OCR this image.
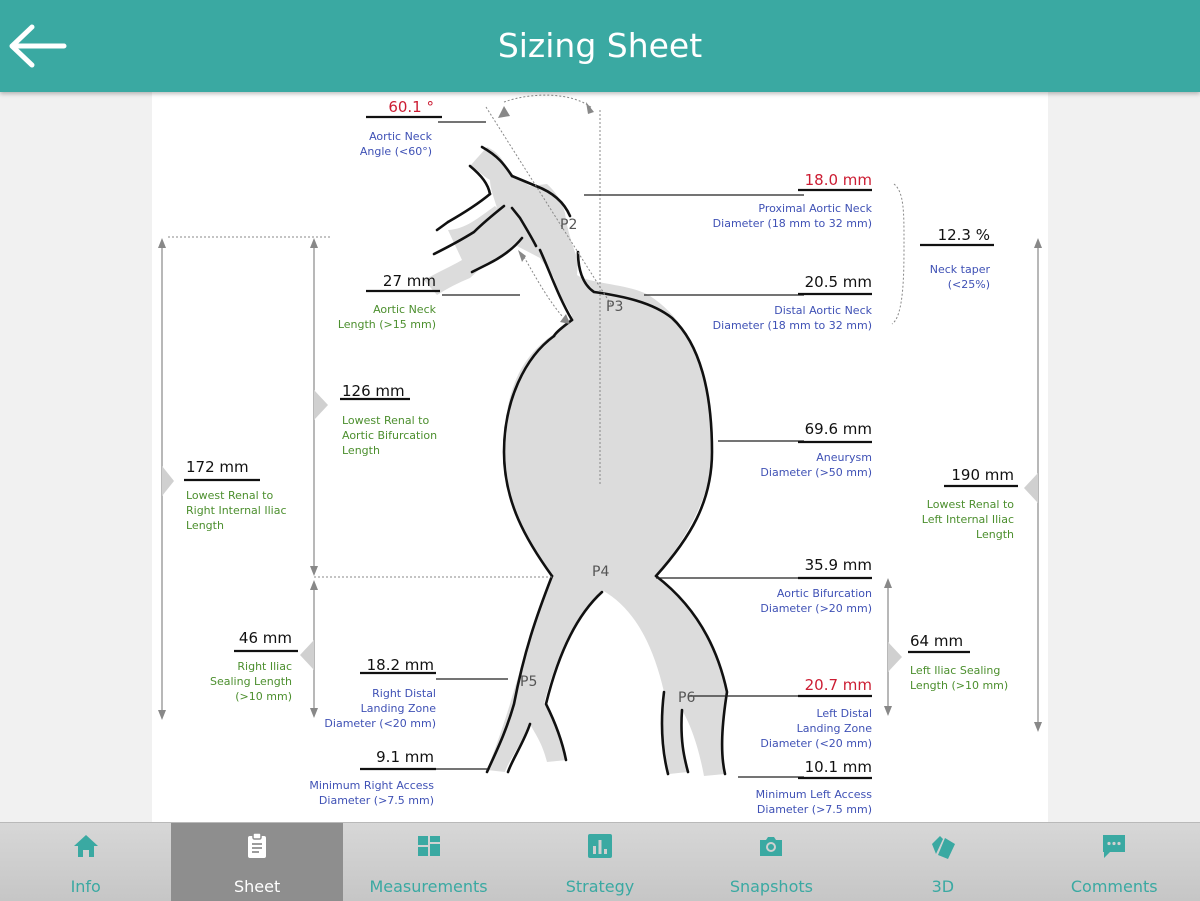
Sizing Sheet
P2
P3
P4
P5
P6
60.1 °
Aortic Neck
Angle (<60°)
18.0 mm
Proximal Aortic Neck
Diameter (18 mm to 32 mm)
12.3 %
Neck taper
(<25%)
27 mm
Aortic Neck
Length (>15 mm)
20.5 mm
Distal Aortic Neck
Diameter (18 mm to 32 mm)
126 mm
Lowest Renal to
Aortic Bifurcation
Length
69.6 mm
Aneurysm
Diameter (>50 mm)
172 mm
Lowest Renal to
Right Internal Iliac
Length
190 mm
Lowest Renal to
Left Internal Iliac
Length
35.9 mm
Aortic Bifurcation
Diameter (>20 mm)
46 mm
Right Iliac
Sealing Length
(>10 mm)
64 mm
Left Iliac Sealing
Length (>10 mm)
18.2 mm
Right Distal
Landing Zone
Diameter (<20 mm)
20.7 mm
Left Distal
Landing Zone
Diameter (<20 mm)
9.1 mm
Minimum Right Access
Diameter (>7.5 mm)
10.1 mm
Minimum Left Access
Diameter (>7.5 mm)
Info	Sheet	Measurements	Strategy	Snapshots	3D	Comments
